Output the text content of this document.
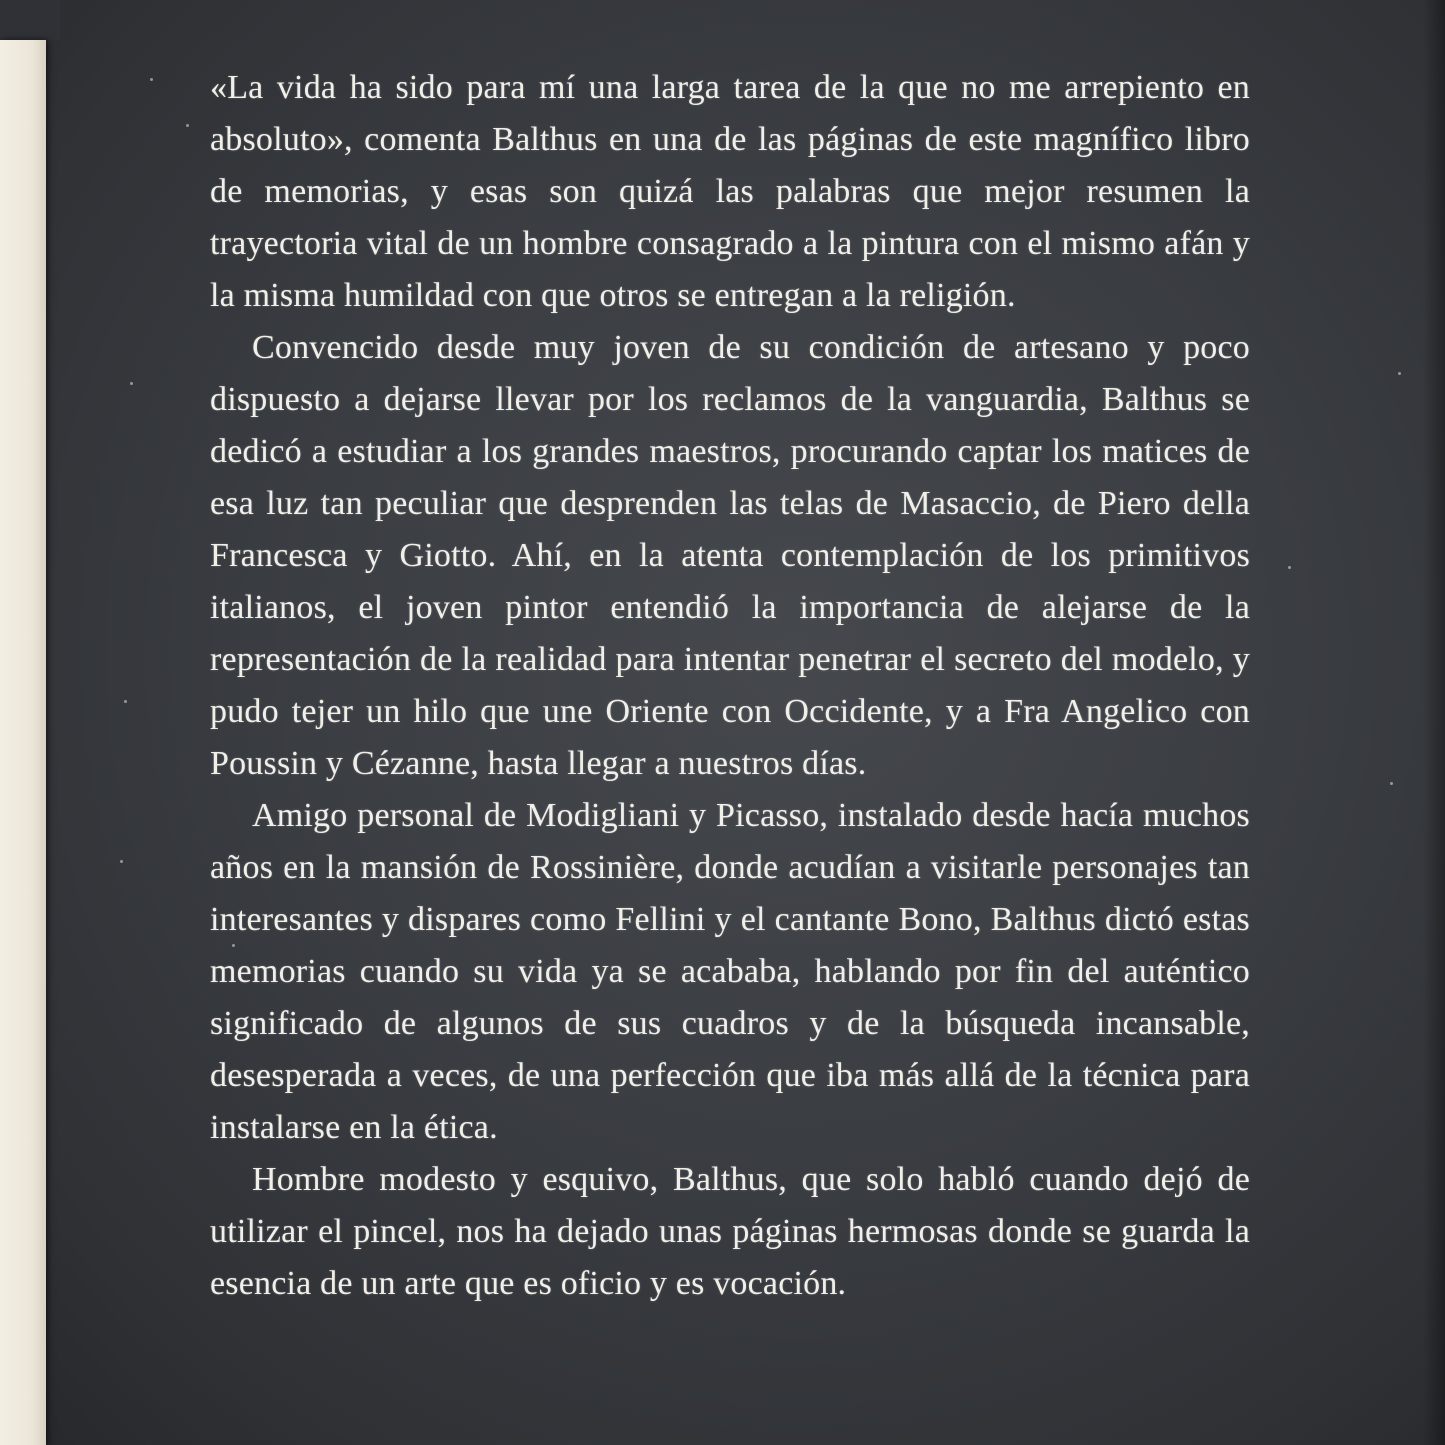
«La vida ha sido para mí una larga tarea de la que no me arrepiento en absoluto», comenta Balthus en una de las páginas de este magnífico libro de memorias, y esas son quizá las palabras que mejor resumen la trayectoria vital de un hombre consagrado a la pintura con el mismo afán y la misma humildad con que otros se entregan a la religión.

Convencido desde muy joven de su condición de artesano y poco dispuesto a dejarse llevar por los reclamos de la vanguardia, Balthus se dedicó a estudiar a los grandes maestros, procurando captar los matices de esa luz tan peculiar que desprenden las telas de Masaccio, de Piero della Francesca y Giotto. Ahí, en la atenta contemplación de los primitivos italianos, el joven pintor entendió la importancia de alejarse de la representación de la realidad para intentar penetrar el secreto del modelo, y pudo tejer un hilo que une Oriente con Occidente, y a Fra Angelico con Poussin y Cézanne, hasta llegar a nuestros días.

Amigo personal de Modigliani y Picasso, instalado desde hacía muchos años en la mansión de Rossinière, donde acudían a visitarle personajes tan interesantes y dispares como Fellini y el cantante Bono, Balthus dictó estas memorias cuando su vida ya se acababa, hablando por fin del auténtico significado de algunos de sus cuadros y de la búsqueda incansable, desesperada a veces, de una perfección que iba más allá de la técnica para instalarse en la ética.

Hombre modesto y esquivo, Balthus, que solo habló cuando dejó de utilizar el pincel, nos ha dejado unas páginas hermosas donde se guarda la esencia de un arte que es oficio y es vocación.
